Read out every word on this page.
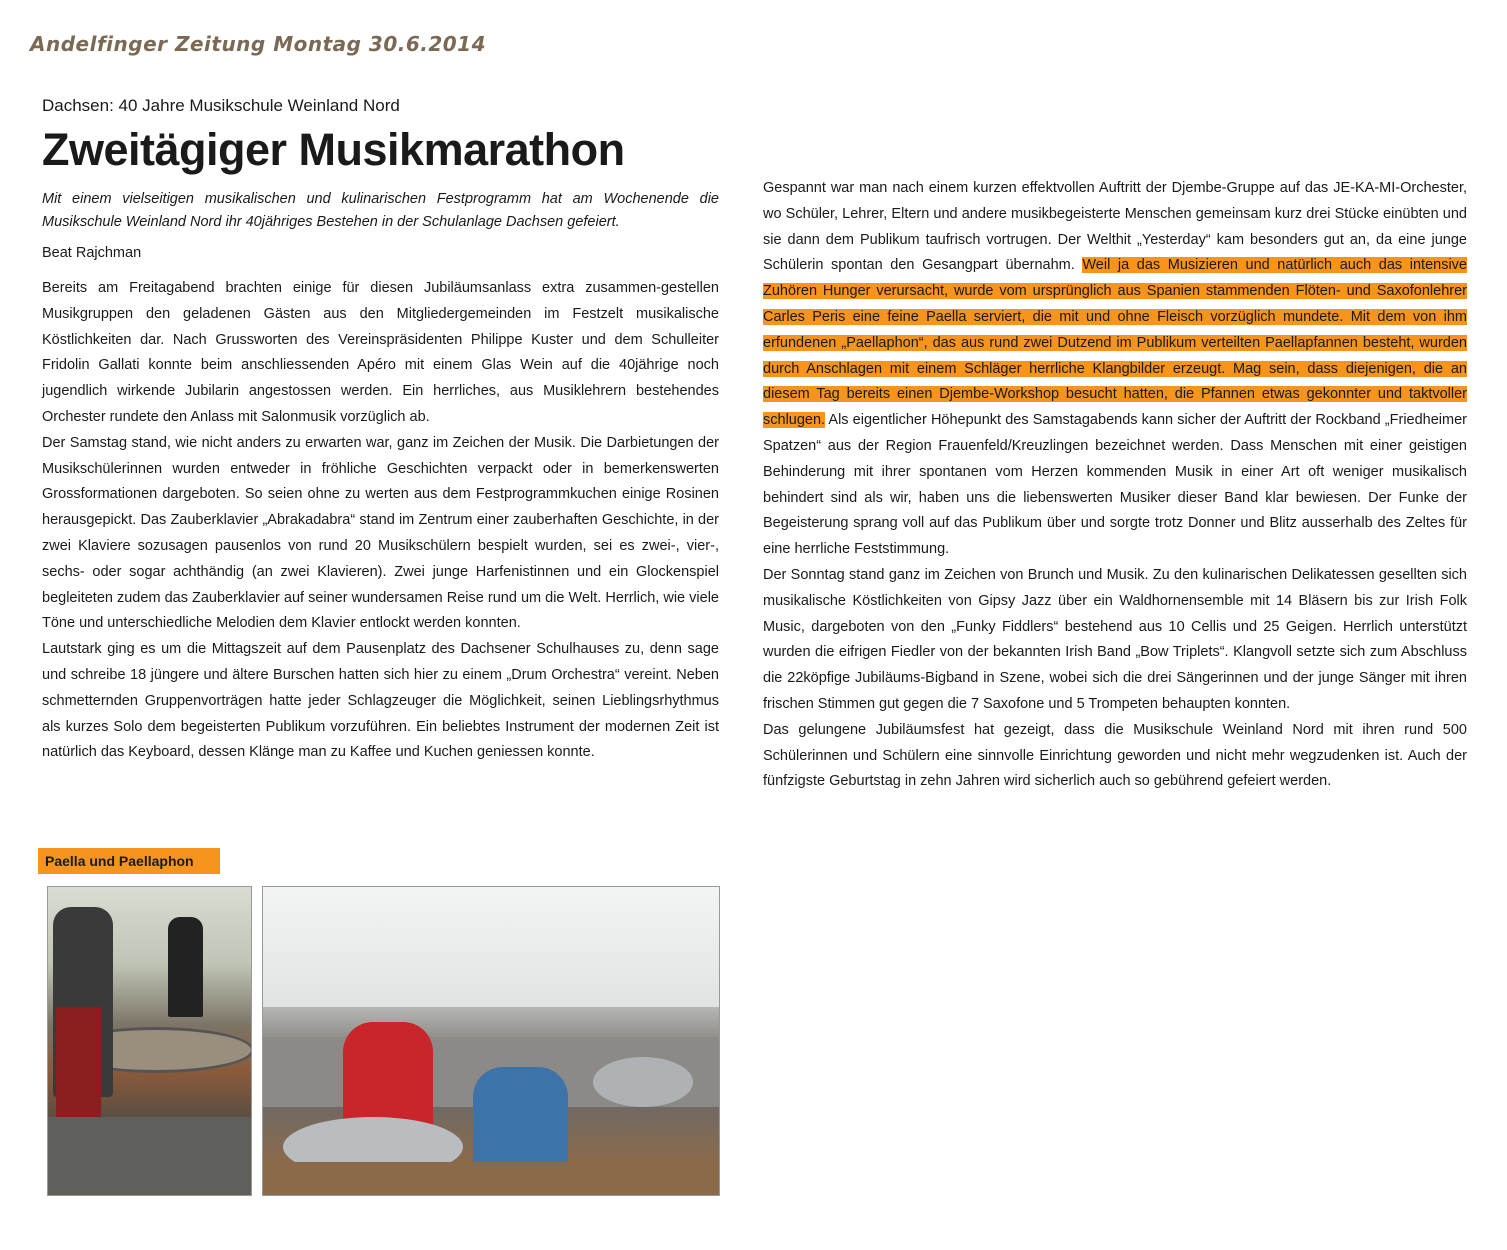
Andelfinger Zeitung Montag 30.6.2014
Dachsen: 40 Jahre Musikschule Weinland Nord
Zweitägiger Musikmarathon
Mit einem vielseitigen musikalischen und kulinarischen Festprogramm hat am Wochenende die Musikschule Weinland Nord ihr 40jähriges Bestehen in der Schulanlage Dachsen gefeiert.
Beat Rajchman

Bereits am Freitagabend brachten einige für diesen Jubiläumsanlass extra zusammen-gestellen Musikgruppen den geladenen Gästen aus den Mitgliedergemeinden im Festzelt musikalische Köstlichkeiten dar. Nach Grussworten des Vereinspräsidenten Philippe Kuster und dem Schulleiter Fridolin Gallati konnte beim anschliessenden Apéro mit einem Glas Wein auf die 40jährige noch jugendlich wirkende Jubilarin angestossen werden. Ein herrliches, aus Musiklehrern bestehendes Orchester rundete den Anlass mit Salonmusik vorzüglich ab.

Der Samstag stand, wie nicht anders zu erwarten war, ganz im Zeichen der Musik. Die Darbietungen der Musikschülerinnen wurden entweder in fröhliche Geschichten verpackt oder in bemerkenswerten Grossformationen dargeboten. So seien ohne zu werten aus dem Festprogrammkuchen einige Rosinen herausgepickt. Das Zauberklavier „Abrakadabra“ stand im Zentrum einer zauberhaften Geschichte, in der zwei Klaviere sozusagen pausenlos von rund 20 Musikschülern bespielt wurden, sei es zwei-, vier-, sechs- oder sogar achthändig (an zwei Klavieren). Zwei junge Harfenistinnen und ein Glockenspiel begleiteten zudem das Zauberklavier auf seiner wundersamen Reise rund um die Welt. Herrlich, wie viele Töne und unterschiedliche Melodien dem Klavier entlockt werden konnten.

Lautstark ging es um die Mittagszeit auf dem Pausenplatz des Dachsener Schulhauses zu, denn sage und schreibe 18 jüngere und ältere Burschen hatten sich hier zu einem „Drum Orchestra“ vereint. Neben schmetternden Gruppenvorträgen hatte jeder Schlagzeuger die Möglichkeit, seinen Lieblingsrhythmus als kurzes Solo dem begeisterten Publikum vorzuführen. Ein beliebtes Instrument der modernen Zeit ist natürlich das Keyboard, dessen Klänge man zu Kaffee und Kuchen geniessen konnte.

Paella und Paellaphon

Gespannt war man nach einem kurzen effektvollen Auftritt der Djembe-Gruppe auf das JE-KA-MI-Orchester, wo Schüler, Lehrer, Eltern und andere musikbegeisterte Menschen gemeinsam kurz drei Stücke einübten und sie dann dem Publikum taufrisch vortrugen. Der Welthit „Yesterday“ kam besonders gut an, da eine junge Schülerin spontan den Gesangpart übernahm. Weil ja das Musizieren und natürlich auch das intensive Zuhören Hunger verursacht, wurde vom ursprünglich aus Spanien stammenden Flöten- und Saxofonlehrer Carles Peris eine feine Paella serviert, die mit und ohne Fleisch vorzüglich mundete. Mit dem von ihm erfundenen „Paellaphon“, das aus rund zwei Dutzend im Publikum verteilten Paellapfannen besteht, wurden durch Anschlagen mit einem Schläger herrliche Klangbilder erzeugt. Mag sein, dass diejenigen, die an diesem Tag bereits einen Djembe-Workshop besucht hatten, die Pfannen etwas gekonnter und taktvoller schlugen. Als eigentlicher Höhepunkt des Samstagabends kann sicher der Auftritt der Rockband „Friedheimer Spatzen“ aus der Region Frauenfeld/Kreuzlingen bezeichnet werden. Dass Menschen mit einer geistigen Behinderung mit ihrer spontanen vom Herzen kommenden Musik in einer Art oft weniger musikalisch behindert sind als wir, haben uns die liebenswerten Musiker dieser Band klar bewiesen. Der Funke der Begeisterung sprang voll auf das Publikum über und sorgte trotz Donner und Blitz ausserhalb des Zeltes für eine herrliche Feststimmung.

Der Sonntag stand ganz im Zeichen von Brunch und Musik. Zu den kulinarischen Delikatessen gesellten sich musikalische Köstlichkeiten von Gipsy Jazz über ein Waldhornensemble mit 14 Bläsern bis zur Irish Folk Music, dargeboten von den „Funky Fiddlers“ bestehend aus 10 Cellis und 25 Geigen. Herrlich unterstützt wurden die eifrigen Fiedler von der bekannten Irish Band „Bow Triplets“. Klangvoll setzte sich zum Abschluss die 22köpfige Jubiläums-Bigband in Szene, wobei sich die drei Sängerinnen und der junge Sänger mit ihren frischen Stimmen gut gegen die 7 Saxofone und 5 Trompeten behaupten konnten.

Das gelungene Jubiläumsfest hat gezeigt, dass die Musikschule Weinland Nord mit ihren rund 500 Schülerinnen und Schülern eine sinnvolle Einrichtung geworden und nicht mehr wegzudenken ist. Auch der fünfzigste Geburtstag in zehn Jahren wird sicherlich auch so gebührend gefeiert werden.
